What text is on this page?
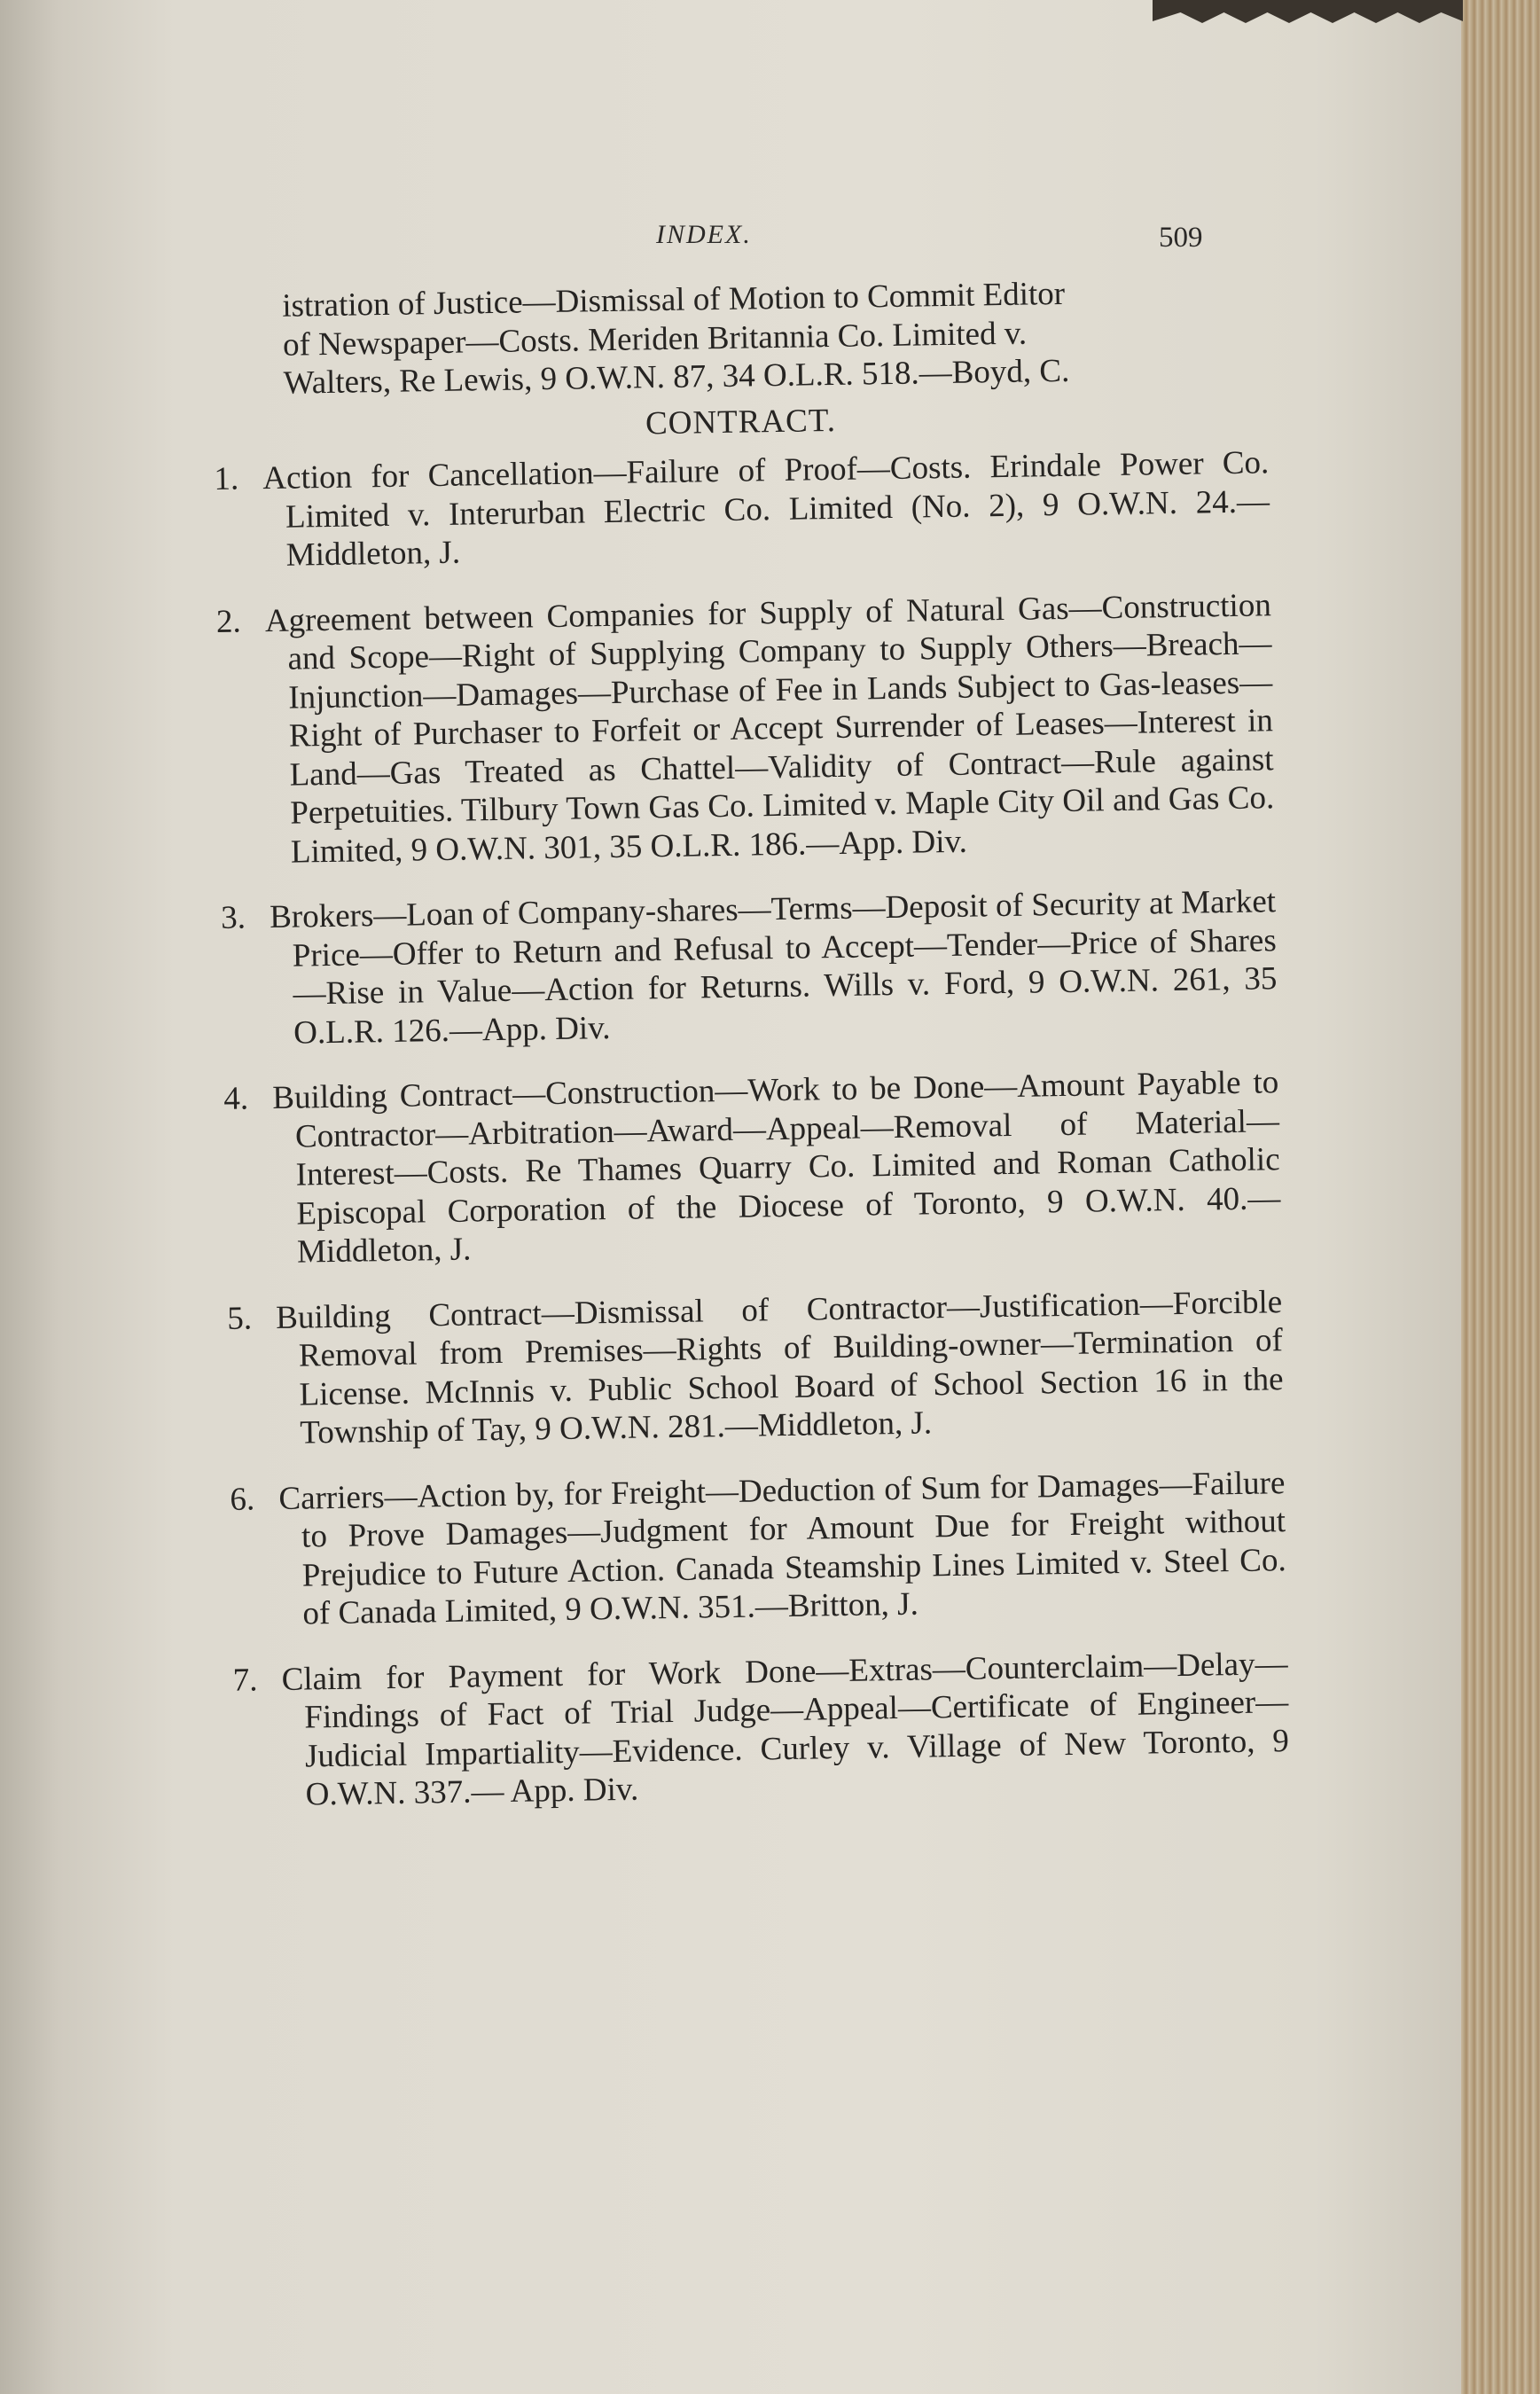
INDEX.	509

istration of Justice—Dismissal of Motion to Commit Editor

of Newspaper—Costs. Meriden Britannia Co. Limited v.

Walters, Re Lewis, 9 O.W.N. 87, 34 O.L.R. 518.—Boyd, C.

CONTRACT.
1. Action for Cancellation—Failure of Proof—Costs. Erindale Power Co. Limited v. Interurban Electric Co. Limited (No. 2), 9 O.W.N. 24.—Middleton, J.
2. Agreement between Companies for Supply of Natural Gas—Construction and Scope—Right of Supplying Company to Supply Others—Breach—Injunction—Damages—Purchase of Fee in Lands Subject to Gas-leases—Right of Purchaser to Forfeit or Accept Surrender of Leases—Interest in Land—Gas Treated as Chattel—Validity of Contract—Rule against Perpetuities. Tilbury Town Gas Co. Limited v. Maple City Oil and Gas Co. Limited, 9 O.W.N. 301, 35 O.L.R. 186.—App. Div.
3. Brokers—Loan of Company-shares—Terms—Deposit of Security at Market Price—Offer to Return and Refusal to Accept—Tender—Price of Shares—Rise in Value—Action for Returns. Wills v. Ford, 9 O.W.N. 261, 35 O.L.R. 126.—App. Div.
4. Building Contract—Construction—Work to be Done—Amount Payable to Contractor—Arbitration—Award—Appeal—Removal of Material—Interest—Costs. Re Thames Quarry Co. Limited and Roman Catholic Episcopal Corporation of the Diocese of Toronto, 9 O.W.N. 40.—Middleton, J.
5. Building Contract—Dismissal of Contractor—Justification—Forcible Removal from Premises—Rights of Building-owner—Termination of License. McInnis v. Public School Board of School Section 16 in the Township of Tay, 9 O.W.N. 281.—Middleton, J.
6. Carriers—Action by, for Freight—Deduction of Sum for Damages—Failure to Prove Damages—Judgment for Amount Due for Freight without Prejudice to Future Action. Canada Steamship Lines Limited v. Steel Co. of Canada Limited, 9 O.W.N. 351.—Britton, J.
7. Claim for Payment for Work Done—Extras—Counterclaim—Delay—Findings of Fact of Trial Judge—Appeal—Certificate of Engineer—Judicial Impartiality—Evidence. Curley v. Village of New Toronto, 9 O.W.N. 337.— App. Div.
